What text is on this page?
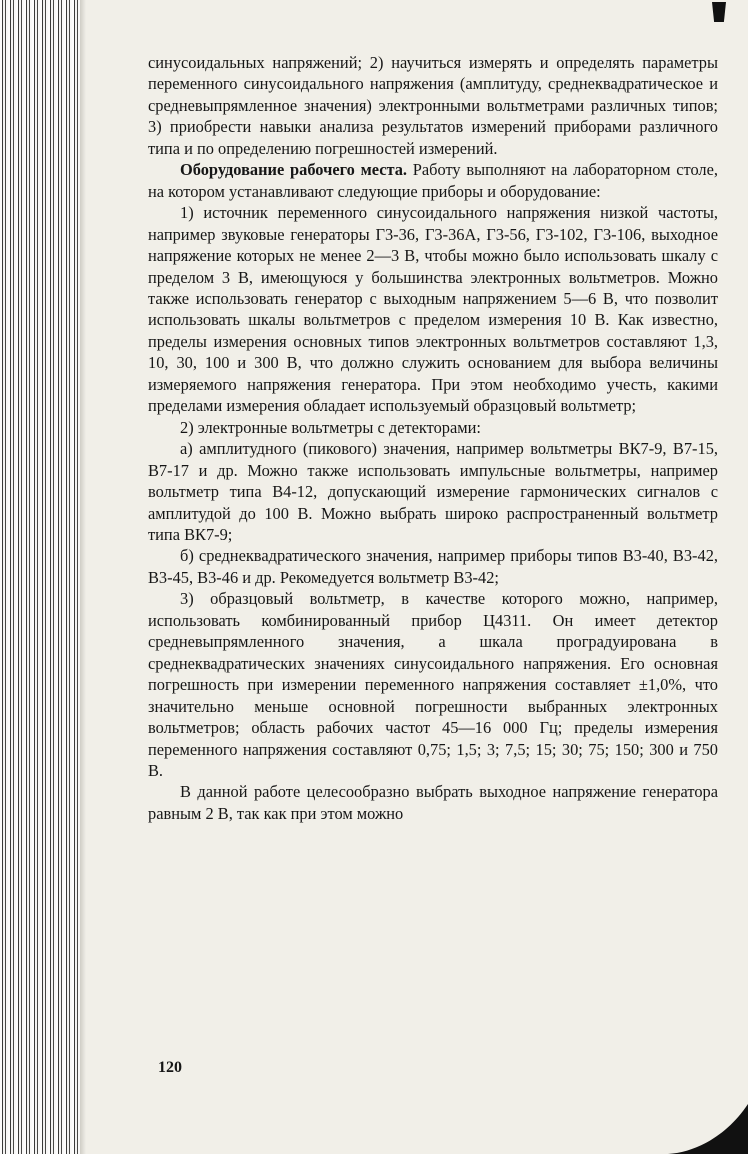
синусоидальных напряжений; 2) научиться измерять и определять параметры переменного синусоидального напряжения (амплитуду, среднеквадратическое и средневыпрямленное значения) электронными вольтметрами различных типов; 3) приобрести навыки анализа результатов измерений приборами различного типа и по определению погрешностей измерений.

Оборудование рабочего места. Работу выполняют на лабораторном столе, на котором устанавливают следующие приборы и оборудование:

1) источник переменного синусоидального напряжения низкой частоты, например звуковые генераторы Г3-36, Г3-36А, Г3-56, Г3-102, Г3-106, выходное напряжение которых не менее 2—3 В, чтобы можно было использовать шкалу с пределом 3 В, имеющуюся у большинства электронных вольтметров. Можно также использовать генератор с выходным напряжением 5—6 В, что позволит использовать шкалы вольтметров с пределом измерения 10 В. Как известно, пределы измерения основных типов электронных вольтметров составляют 1,3, 10, 30, 100 и 300 В, что должно служить основанием для выбора величины измеряемого напряжения генератора. При этом необходимо учесть, какими пределами измерения обладает используемый образцовый вольтметр;

2) электронные вольтметры с детекторами:

а) амплитудного (пикового) значения, например вольтметры ВК7-9, В7-15, В7-17 и др. Можно также использовать импульсные вольтметры, например вольтметр типа В4-12, допускающий измерение гармонических сигналов с амплитудой до 100 В. Можно выбрать широко распространенный вольтметр типа ВК7-9;

б) среднеквадратического значения, например приборы типов В3-40, В3-42, В3-45, В3-46 и др. Рекомедуется вольтметр В3-42;

3) образцовый вольтметр, в качестве которого можно, например, использовать комбинированный прибор Ц4311. Он имеет детектор средневыпрямленного значения, а шкала проградуирована в среднеквадратических значениях синусоидального напряжения. Его основная погрешность при измерении переменного напряжения составляет ±1,0%, что значительно меньше основной погрешности выбранных электронных вольтметров; область рабочих частот 45—16 000 Гц; пределы измерения переменного напряжения составляют 0,75; 1,5; 3; 7,5; 15; 30; 75; 150; 300 и 750 В.

В данной работе целесообразно выбрать выходное напряжение генератора равным 2 В, так как при этом можно

120
